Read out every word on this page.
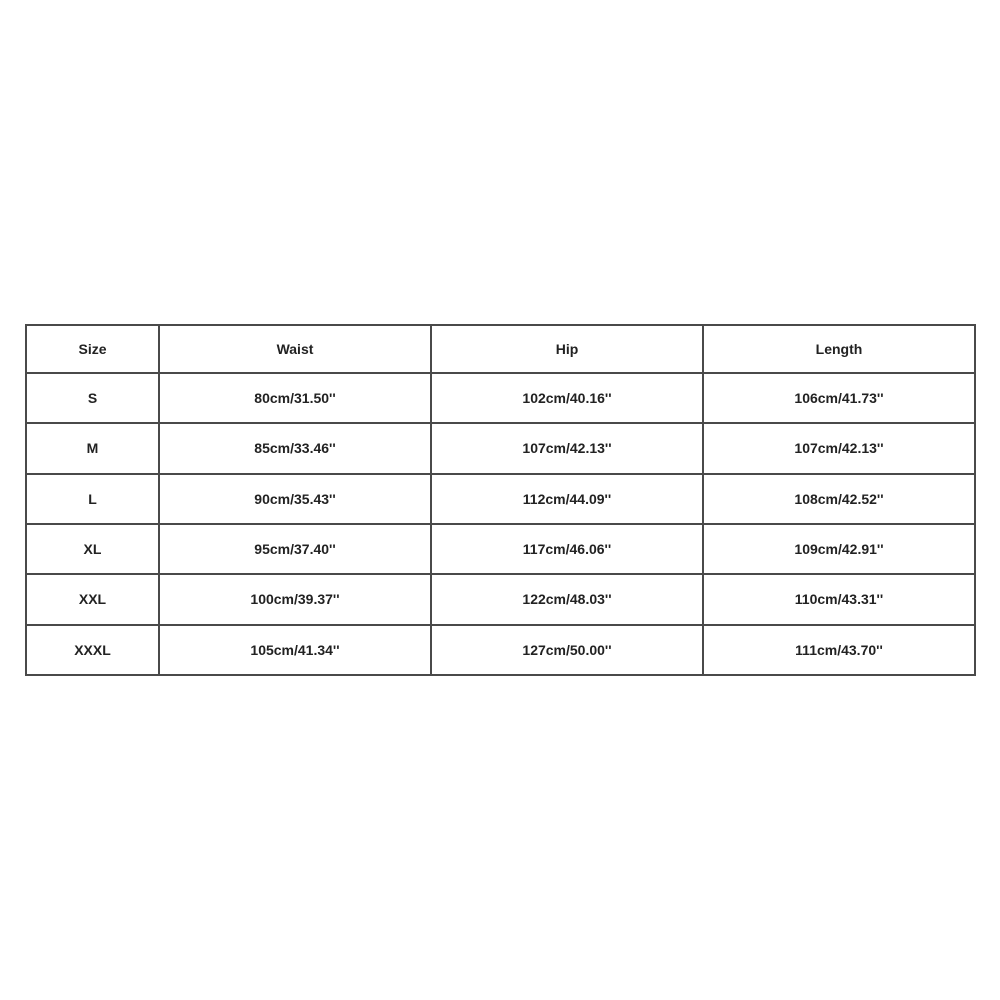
Size	Waist	Hip	Length
S	80cm/31.50''	102cm/40.16''	106cm/41.73''
M	85cm/33.46''	107cm/42.13''	107cm/42.13''
L	90cm/35.43''	112cm/44.09''	108cm/42.52''
XL	95cm/37.40''	117cm/46.06''	109cm/42.91''
XXL	100cm/39.37''	122cm/48.03''	110cm/43.31''
XXXL	105cm/41.34''	127cm/50.00''	111cm/43.70''
